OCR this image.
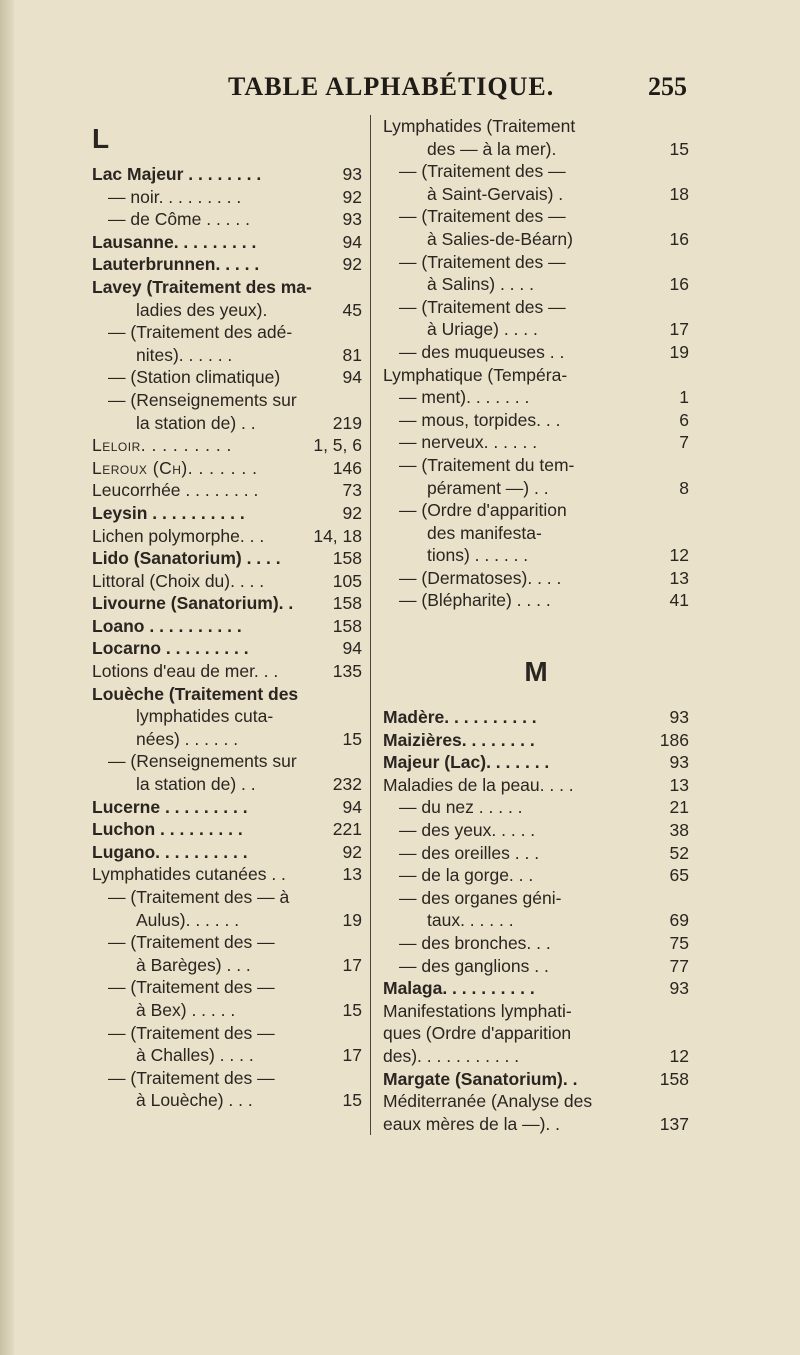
TABLE ALPHABÉTIQUE.	255
L
Lac Majeur . . . . . . . .	93
— noir. . . . . . . . .	92
— de Côme . . . . .	93
Lausanne. . . . . . . . .	94
Lauterbrunnen. . . . .	92
Lavey (Traitement des ma-
ladies des yeux).	45
— (Traitement des adé-
nites). . . . . .	81
— (Station climatique)	94
— (Renseignements sur
la station de) . .	219
Leloir. . . . . . . . .	1, 5, 6
Leroux (Ch). . . . . . .	146
Leucorrhée . . . . . . . .	73
Leysin . . . . . . . . . .	92
Lichen polymorphe. . .	14, 18
Lido (Sanatorium) . . . .	158
Littoral (Choix du). . . .	105
Livourne (Sanatorium). . 158
Loano . . . . . . . . . .	158
Locarno . . . . . . . . .	94
Lotions d'eau de mer. . .	135
Louèche (Traitement des
lymphatides cuta-
nées) . . . . . .	15
— (Renseignements sur
la station de) . .	232
Lucerne . . . . . . . . .	94
Luchon . . . . . . . . .	221
Lugano. . . . . . . . . .	92
Lymphatides cutanées . .	13
— (Traitement des — à
Aulus). . . . . .	19
— (Traitement des —
à Barèges) . . .	17
— (Traitement des —
à Bex) . . . . .	15
— (Traitement des —
à Challes) . . . .	17
— (Traitement des —
à Louèche) . . .	15
Lymphatides (Traitement
des — à la mer).	15
— (Traitement des —
à Saint-Gervais) .	18
— (Traitement des —
à Salies-de-Béarn)	16
— (Traitement des —
à Salins) . . . .	16
— (Traitement des —
à Uriage) . . . .	17
— des muqueuses . .	19
Lymphatique (Tempéra-
— ment). . . . . . .	1
— mous, torpides. . .	6
— nerveux. . . . . .	7
— (Traitement du tem-
pérament —) . .	8
— (Ordre d'apparition
des manifesta-
tions) . . . . . .	12
— (Dermatoses). . . .	13
— (Blépharite) . . . .	41
M
Madère. . . . . . . . . .	93
Maizières. . . . . . . .	186
Majeur (Lac). . . . . . .	93
Maladies de la peau. . . .	13
— du nez . . . . .	21
— des yeux. . . . .	38
— des oreilles . . .	52
— de la gorge. . .	65
— des organes géni-
taux. . . . . .	69
— des bronches. . .	75
— des ganglions . .	77
Malaga. . . . . . . . . .	93
Manifestations lymphati-
ques (Ordre d'apparition
des). . . . . . . . . . .	12
Margate (Sanatorium). .	158
Méditerranée (Analyse des
eaux mères de la —). .	137
